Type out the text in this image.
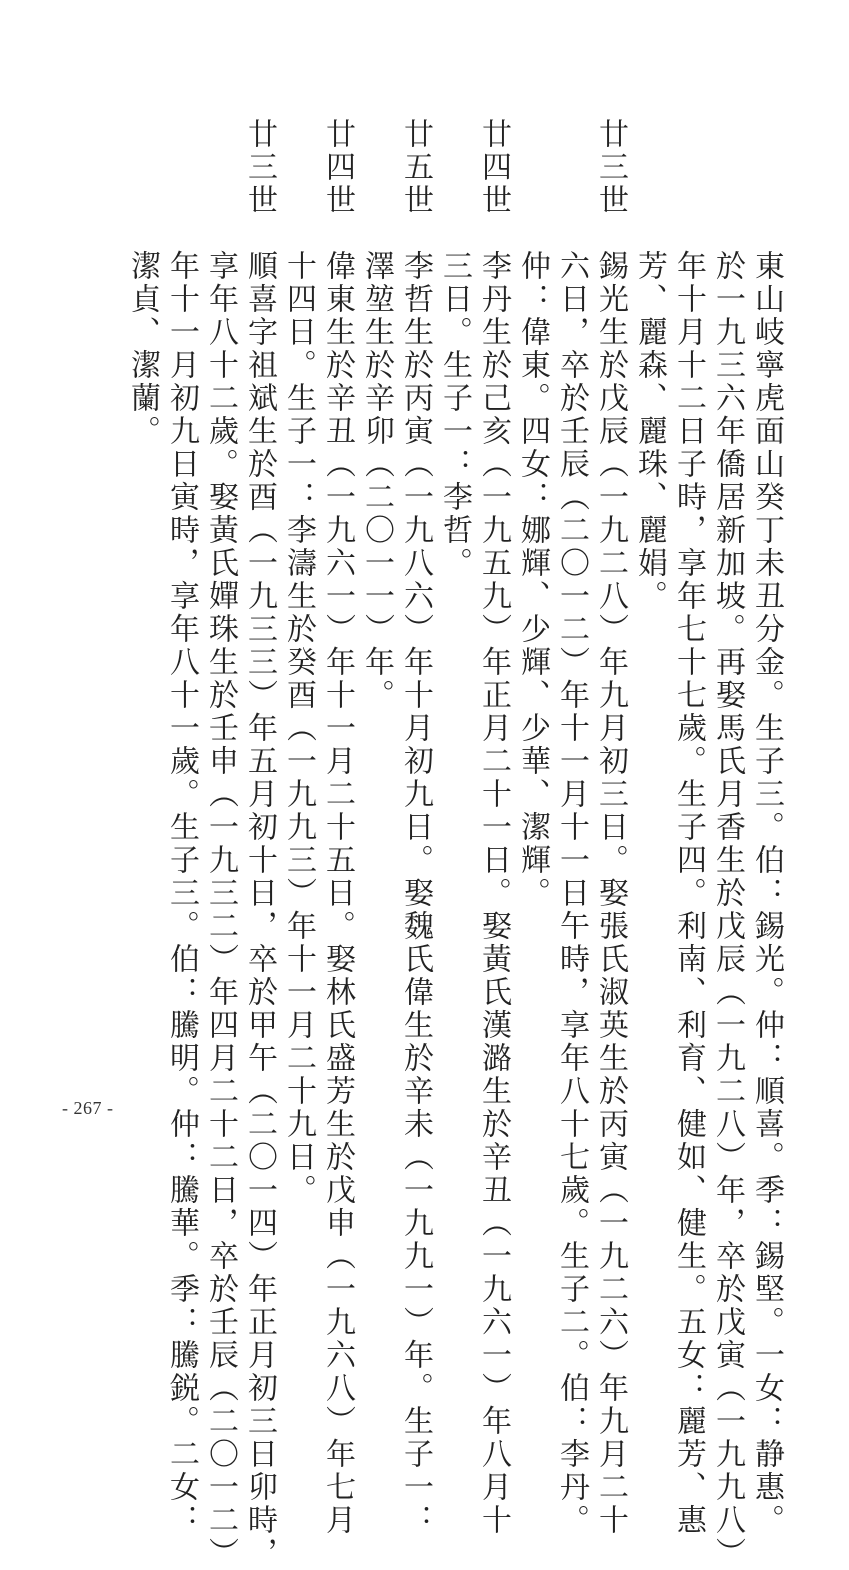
　　　　東山岐寧虎面山癸丁未丑分金。生子三。伯：錫光。仲：順喜。季：錫堅。一女：静惠。
　　　　於一九三六年僑居新加坡。再娶馬氏月香生於戊辰（一九二八）年，卒於戊寅（一九九八）
　　　　年十月十二日子時，享年七十七歲。生子四。利南、利育、健如、健生。五女：麗芳、惠
　　　　芳、麗森、麗珠、麗娟。
廿三世　錫光生於戊辰（一九二八）年九月初三日。娶張氏淑英生於丙寅（一九二六）年九月二十
　　　　六日，卒於壬辰（二〇一二）年十一月十一日午時，享年八十七歲。生子二。伯：李丹。
　　　　仲：偉東。四女：娜輝、少輝、少華、潔輝。
廿四世　李丹生於己亥（一九五九）年正月二十一日。娶黃氏漢潞生於辛丑（一九六一）年八月十
　　　　三日。生子一：李哲。
廿五世　李哲生於丙寅（一九八六）年十月初九日。娶魏氏偉生於辛未（一九九一）年。生子一：
　　　　澤堃生於辛卯（二〇一一）年。
廿四世　偉東生於辛丑（一九六一）年十一月二十五日。娶林氏盛芳生於戊申（一九六八）年七月
　　　　十四日。生子一：李濤生於癸酉（一九九三）年十一月二十九日。
廿三世　順喜字祖斌生於酉（一九三三）年五月初十日，卒於甲午（二〇一四）年正月初三日卯時，
　　　　享年八十二歲。娶黃氏嬋珠生於壬申（一九三二）年四月二十二日，卒於壬辰（二〇一二）
　　　　年十一月初九日寅時，享年八十一歲。生子三。伯：騰明。仲：騰華。季：騰鋭。二女：
　　　　潔貞、潔蘭。
- 267 -
